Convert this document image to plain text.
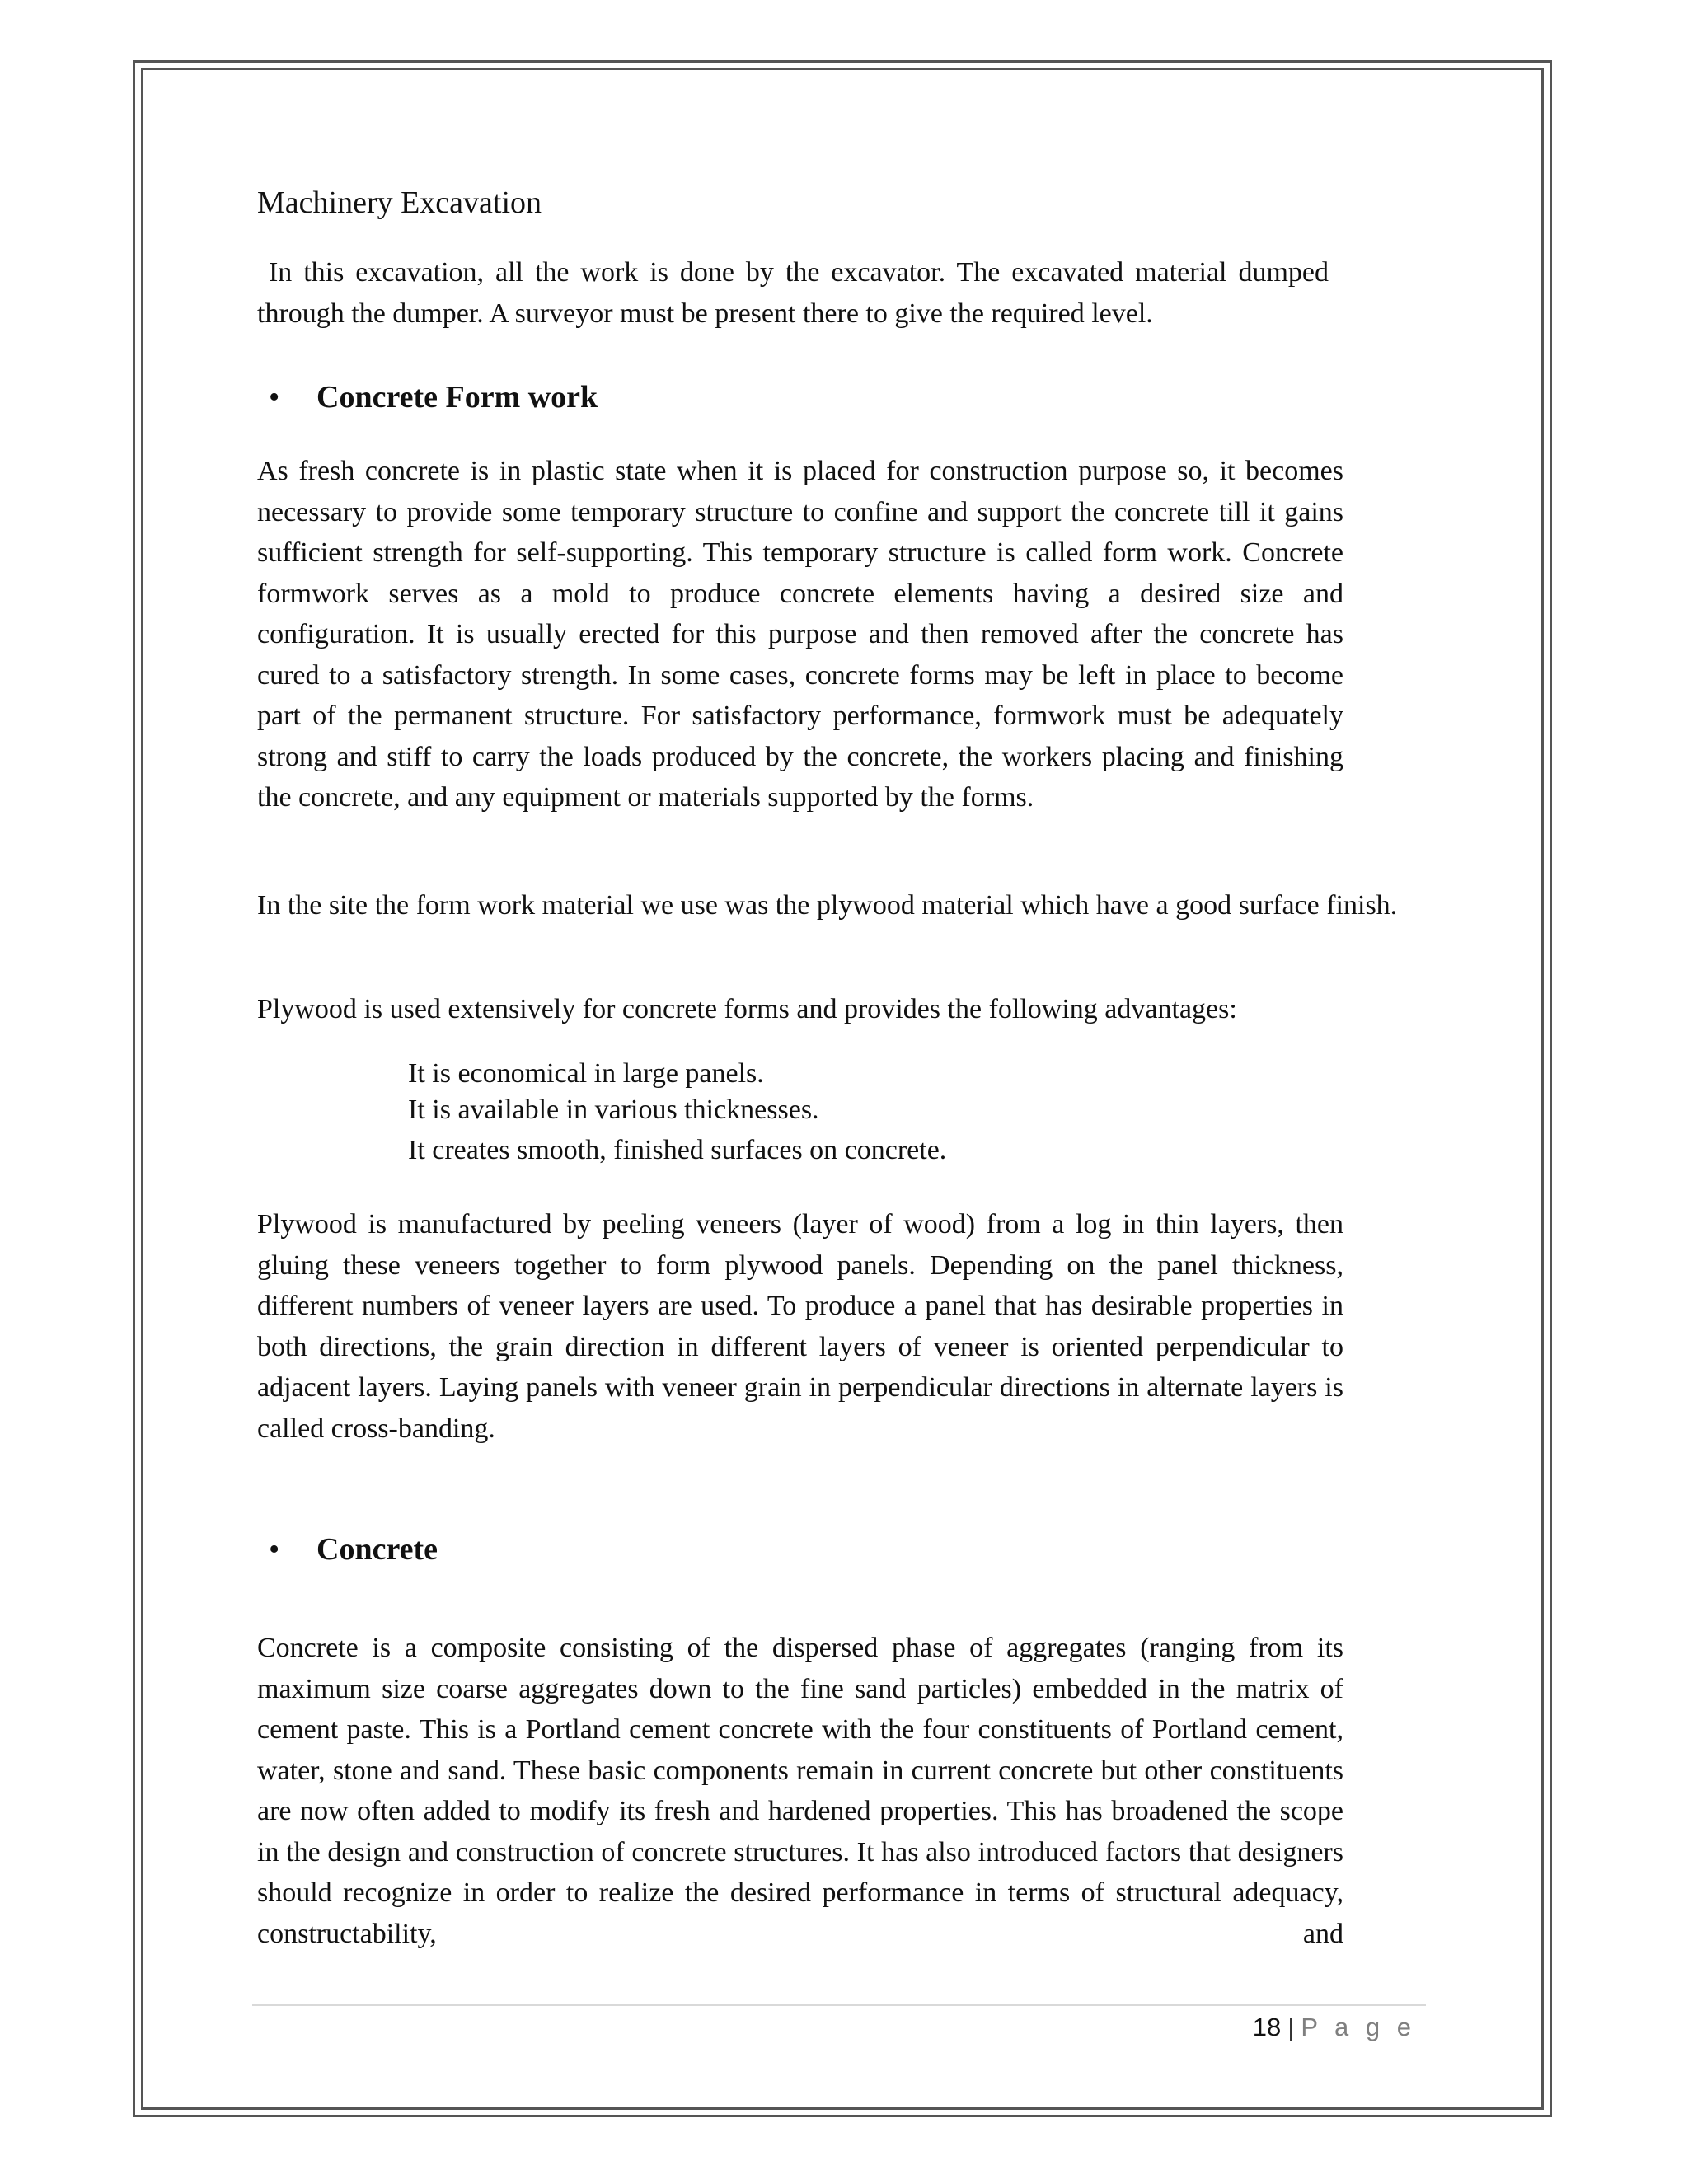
Machinery Excavation

In this excavation, all the work is done by the excavator. The excavated material dumped through the dumper. A surveyor must be present there to give the required level.

• Concrete Form work

As fresh concrete is in plastic state when it is placed for construction purpose so, it becomes necessary to provide some temporary structure to confine and support the concrete till it gains sufficient strength for self-supporting. This temporary structure is called form work. Concrete formwork serves as a mold to produce concrete elements having a desired size and configuration. It is usually erected for this purpose and then removed after the concrete has cured to a satisfactory strength. In some cases, concrete forms may be left in place to become part of the permanent structure. For satisfactory performance, formwork must be adequately strong and stiff to carry the loads produced by the concrete, the workers placing and finishing the concrete, and any equipment or materials supported by the forms.

In the site the form work material we use was the plywood material which have a good surface finish.

Plywood is used extensively for concrete forms and provides the following advantages:

It is economical in large panels.
It is available in various thicknesses.
It creates smooth, finished surfaces on concrete.

Plywood is manufactured by peeling veneers (layer of wood) from a log in thin layers, then gluing these veneers together to form plywood panels. Depending on the panel thickness, different numbers of veneer layers are used. To produce a panel that has desirable properties in both directions, the grain direction in different layers of veneer is oriented perpendicular to adjacent layers. Laying panels with veneer grain in perpendicular directions in alternate layers is called cross-banding.

• Concrete

Concrete is a composite consisting of the dispersed phase of aggregates (ranging from its maximum size coarse aggregates down to the fine sand particles) embedded in the matrix of cement paste. This is a Portland cement concrete with the four constituents of Portland cement, water, stone and sand. These basic components remain in current concrete but other constituents are now often added to modify its fresh and hardened properties. This has broadened the scope in the design and construction of concrete structures. It has also introduced factors that designers should recognize in order to realize the desired performance in terms of structural adequacy, constructability, and

18 | P a g e
